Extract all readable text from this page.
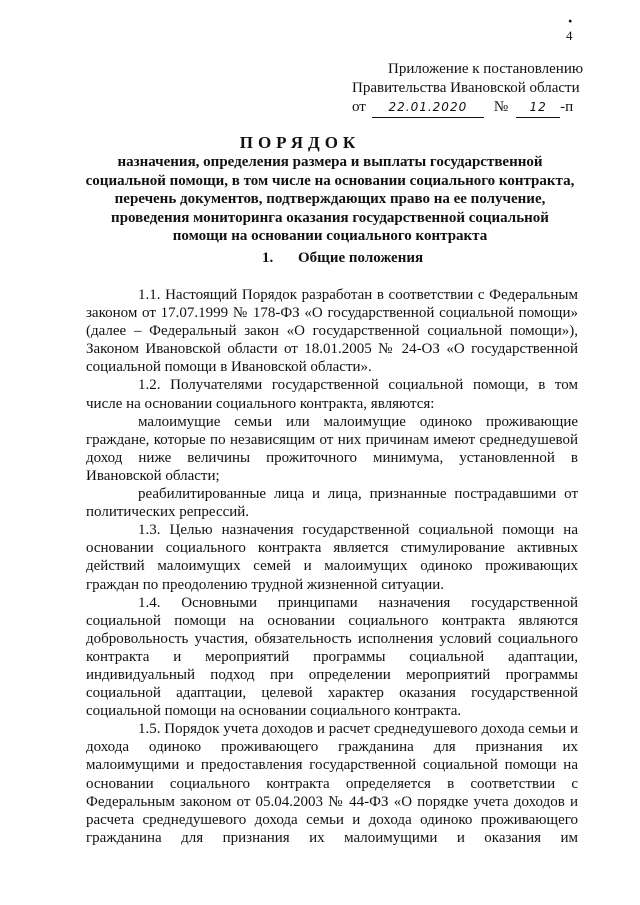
•
4
Приложение к постановлению
Правительства Ивановской области
от	22.01.2020	№	12 -п
ПОРЯДОК
назначения, определения размера и выплаты государственной социальной помощи, в том числе на основании социального контракта, перечень документов, подтверждающих право на ее получение, проведения мониторинга оказания государственной социальной помощи на основании социального контракта
1. Общие положения

1.1. Настоящий Порядок разработан в соответствии с Федеральным законом от 17.07.1999 № 178-ФЗ «О государственной социальной помощи» (далее – Федеральный закон «О государственной социальной помощи»), Законом Ивановской области от 18.01.2005 № 24-ОЗ «О государственной социальной помощи в Ивановской области».

1.2. Получателями государственной социальной помощи, в том числе на основании социального контракта, являются:

малоимущие семьи или малоимущие одиноко проживающие граждане, которые по независящим от них причинам имеют среднедушевой доход ниже величины прожиточного минимума, установленной в Ивановской области;

реабилитированные лица и лица, признанные пострадавшими от политических репрессий.

1.3. Целью назначения государственной социальной помощи на основании социального контракта является стимулирование активных действий малоимущих семей и малоимущих одиноко проживающих граждан по преодолению трудной жизненной ситуации.

1.4. Основными принципами назначения государственной социальной помощи на основании социального контракта являются добровольность участия, обязательность исполнения условий социального контракта и мероприятий программы социальной адаптации, индивидуальный подход при определении мероприятий программы социальной адаптации, целевой характер оказания государственной социальной помощи на основании социального контракта.

1.5. Порядок учета доходов и расчет среднедушевого дохода семьи и дохода одиноко проживающего гражданина для признания их малоимущими и предоставления государственной социальной помощи на основании социального контракта определяется в соответствии с Федеральным законом от 05.04.2003 № 44-ФЗ «О порядке учета доходов и расчета среднедушевого дохода семьи и дохода одиноко проживающего гражданина для признания их малоимущими и оказания им
